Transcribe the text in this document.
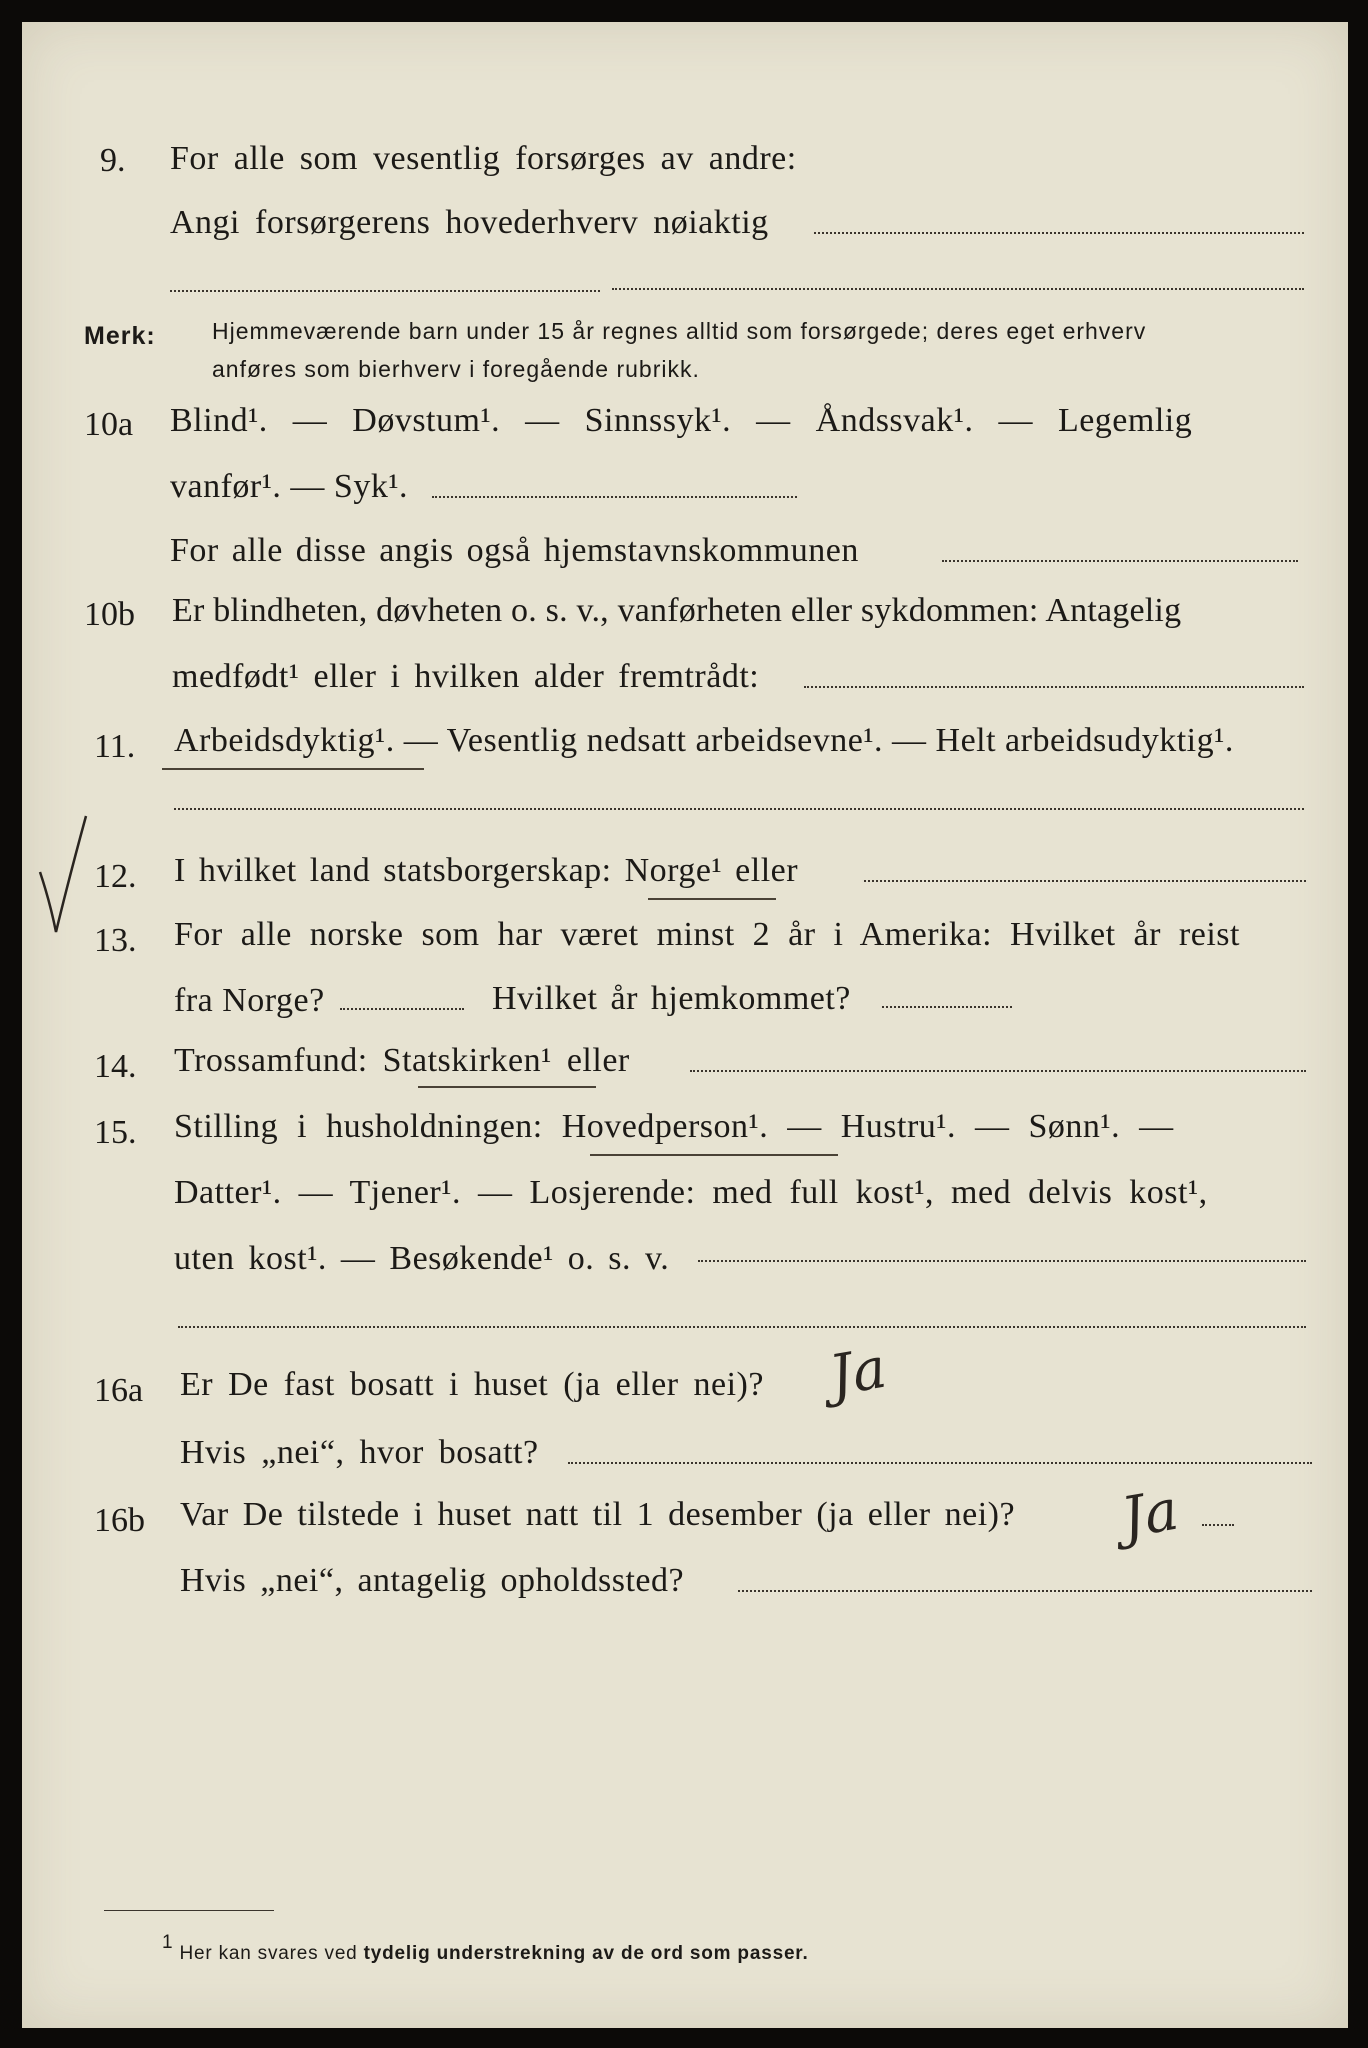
9. For alle som vesentlig forsørges av andre:
Angi forsørgerens hovederhverv nøiaktig
Merk: Hjemmeværende barn under 15 år regnes alltid som forsørgede; deres eget erhverv
anføres som bierhverv i foregående rubrikk.
10a Blind¹. — Døvstum¹. — Sinnssyk¹. — Åndssvak¹. — Legemlig
vanfør¹. — Syk¹.
For alle disse angis også hjemstavnskommunen
10b Er blindheten, døvheten o. s. v., vanførheten eller sykdommen: Antagelig
medfødt¹ eller i hvilken alder fremtrådt:
11. Arbeidsdyktig¹. — Vesentlig nedsatt arbeidsevne¹. — Helt arbeidsudyktig¹.
12. I hvilket land statsborgerskap: Norge¹ eller
13. For alle norske som har været minst 2 år i Amerika: Hvilket år reist
fra Norge?	Hvilket år hjemkommet?
14. Trossamfund: Statskirken¹ eller
15. Stilling i husholdningen: Hovedperson¹. — Hustru¹. — Sønn¹. —
Datter¹. — Tjener¹. — Losjerende: med full kost¹, med delvis kost¹,
uten kost¹. — Besøkende¹ o. s. v.
16a Er De fast bosatt i huset (ja eller nei)? Ja
Hvis „nei“, hvor bosatt?
16b Var De tilstede i huset natt til 1 desember (ja eller nei)? Ja
Hvis „nei“, antagelig opholdssted?
$^1$ Her kan svares ved tydelig understrekning av de ord som passer.
